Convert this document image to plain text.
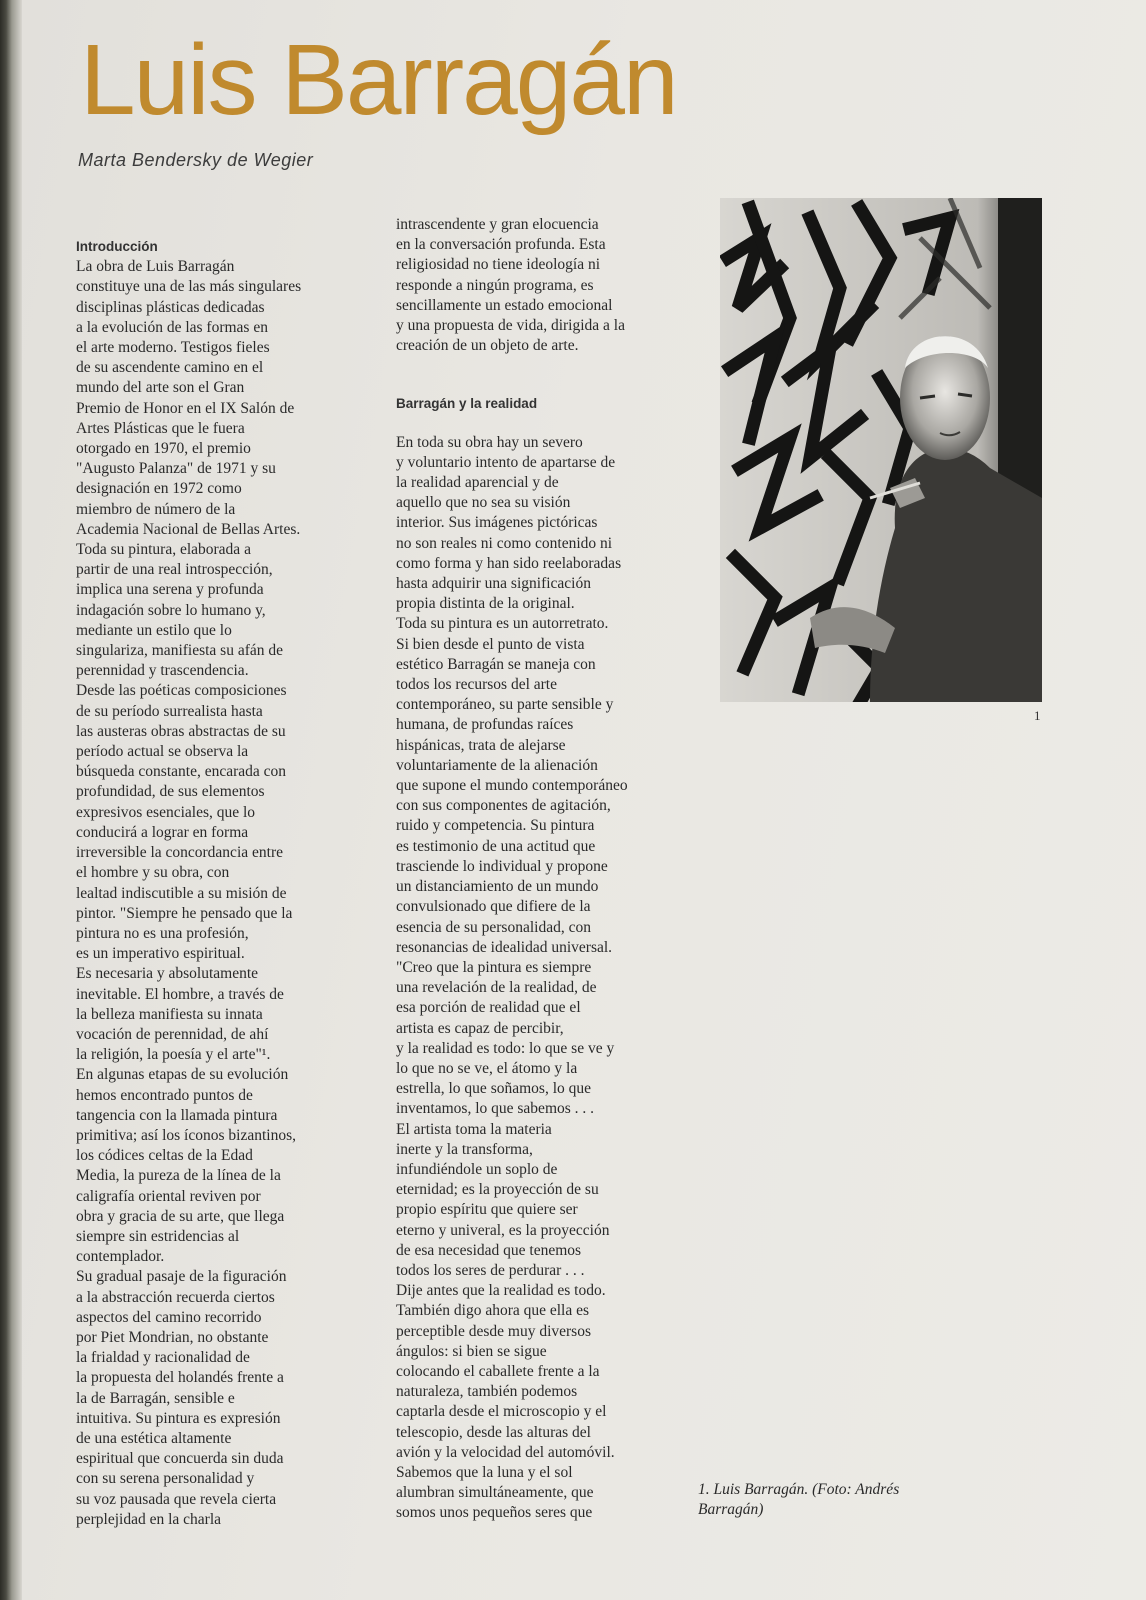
Luis Barragán
Marta Bendersky de Wegier

Introducción

La obra de Luis Barragán
constituye una de las más singulares
disciplinas plásticas dedicadas
a la evolución de las formas en
el arte moderno. Testigos fieles
de su ascendente camino en el
mundo del arte son el Gran
Premio de Honor en el IX Salón de
Artes Plásticas que le fuera
otorgado en 1970, el premio
"Augusto Palanza" de 1971 y su
designación en 1972 como
miembro de número de la
Academia Nacional de Bellas Artes.
Toda su pintura, elaborada a
partir de una real introspección,
implica una serena y profunda
indagación sobre lo humano y,
mediante un estilo que lo
singulariza, manifiesta su afán de
perennidad y trascendencia.
Desde las poéticas composiciones
de su período surrealista hasta
las austeras obras abstractas de su
período actual se observa la
búsqueda constante, encarada con
profundidad, de sus elementos
expresivos esenciales, que lo
conducirá a lograr en forma
irreversible la concordancia entre
el hombre y su obra, con
lealtad indiscutible a su misión de
pintor. "Siempre he pensado que la
pintura no es una profesión,
es un imperativo espiritual.
Es necesaria y absolutamente
inevitable. El hombre, a través de
la belleza manifiesta su innata
vocación de perennidad, de ahí
la religión, la poesía y el arte"¹.
En algunas etapas de su evolución
hemos encontrado puntos de
tangencia con la llamada pintura
primitiva; así los íconos bizantinos,
los códices celtas de la Edad
Media, la pureza de la línea de la
caligrafía oriental reviven por
obra y gracia de su arte, que llega
siempre sin estridencias al
contemplador.
Su gradual pasaje de la figuración
a la abstracción recuerda ciertos
aspectos del camino recorrido
por Piet Mondrian, no obstante
la frialdad y racionalidad de
la propuesta del holandés frente a
la de Barragán, sensible e
intuitiva. Su pintura es expresión
de una estética altamente
espiritual que concuerda sin duda
con su serena personalidad y
su voz pausada que revela cierta
perplejidad en la charla
intrascendente y gran elocuencia
en la conversación profunda. Esta
religiosidad no tiene ideología ni
responde a ningún programa, es
sencillamente un estado emocional
y una propuesta de vida, dirigida a la
creación de un objeto de arte.

Barragán y la realidad

En toda su obra hay un severo
y voluntario intento de apartarse de
la realidad aparencial y de
aquello que no sea su visión
interior. Sus imágenes pictóricas
no son reales ni como contenido ni
como forma y han sido reelaboradas
hasta adquirir una significación
propia distinta de la original.
Toda su pintura es un autorretrato.
Si bien desde el punto de vista
estético Barragán se maneja con
todos los recursos del arte
contemporáneo, su parte sensible y
humana, de profundas raíces
hispánicas, trata de alejarse
voluntariamente de la alienación
que supone el mundo contemporáneo
con sus componentes de agitación,
ruido y competencia. Su pintura
es testimonio de una actitud que
trasciende lo individual y propone
un distanciamiento de un mundo
convulsionado que difiere de la
esencia de su personalidad, con
resonancias de idealidad universal.
"Creo que la pintura es siempre
una revelación de la realidad, de
esa porción de realidad que el
artista es capaz de percibir,
y la realidad es todo: lo que se ve y
lo que no se ve, el átomo y la
estrella, lo que soñamos, lo que
inventamos, lo que sabemos . . .
El artista toma la materia
inerte y la transforma,
infundiéndole un soplo de
eternidad; es la proyección de su
propio espíritu que quiere ser
eterno y univeral, es la proyección
de esa necesidad que tenemos
todos los seres de perdurar . . .
Dije antes que la realidad es todo.
También digo ahora que ella es
perceptible desde muy diversos
ángulos: si bien se sigue
colocando el caballete frente a la
naturaleza, también podemos
captarla desde el microscopio y el
telescopio, desde las alturas del
avión y la velocidad del automóvil.
Sabemos que la luna y el sol
alumbran simultáneamente, que
somos unos pequeños seres que
1
1. Luis Barragán. (Foto: Andrés
Barragán)
